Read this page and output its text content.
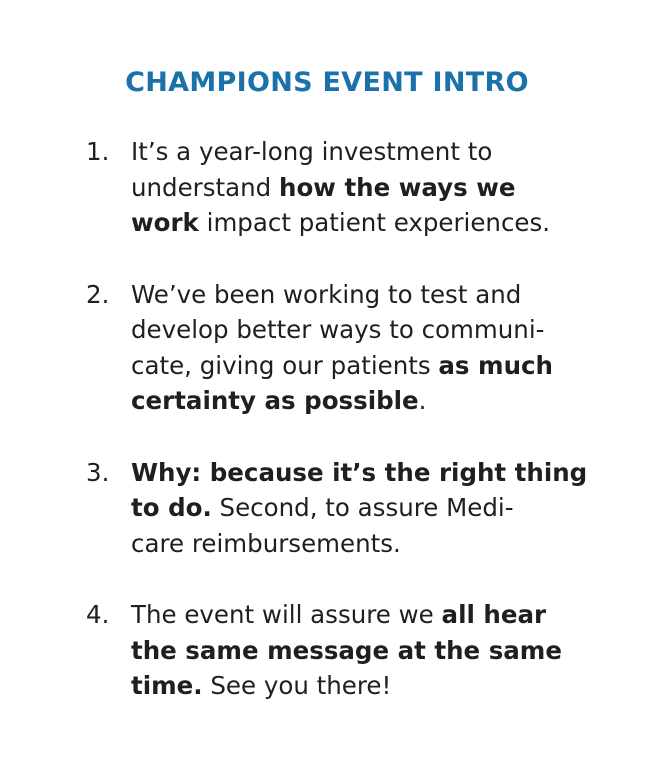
CHAMPIONS EVENT INTRO
1. It’s a year-long investment to
understand how the ways we
work impact patient experiences.
2. We’ve been working to test and
develop better ways to communi-
cate, giving our patients as much
certainty as possible.
3. Why: because it’s the right thing
to do. Second, to assure Medi-
care reimbursements.
4. The event will assure we all hear
the same message at the same
time. See you there!
